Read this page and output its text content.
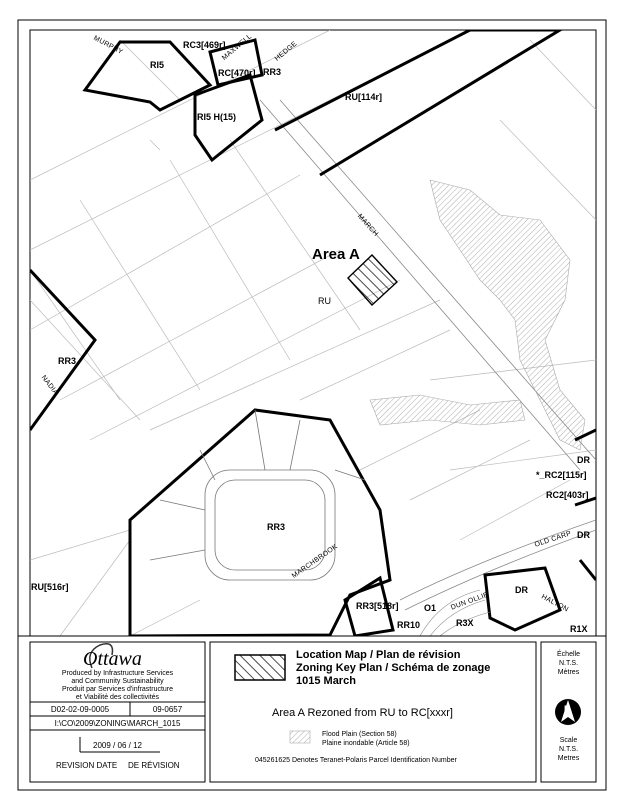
RI5
RC3[469r]
RC[470r] RR3
RU[114r]
RI5 H(15)
RU
RR3
RR3
RU[516r]
RR3[518r]	O1
RR10	R3X
DR
DR
*_RC2[115r]
RC2[403r]
DR
R1X
MURPHY	MAXWELL	HEDGE
MARCH
NADIA
MARCHBROOK
OLD CARP
DUN OLLIE	HALTON
Area A
Ottawa
Produced by Infrastructure Services
and Community Sustainability
Produit par Services d'infrastructure
et Viabilité des collectivités
D02-02-09-0005	09-0657
I:\CO\2009\ZONING\MARCH_1015
2009 / 06 / 12
REVISION DATE DE RÉVISION
Location Map / Plan de révision
Zoning Key Plan / Schéma de zonage
1015 March
Area A Rezoned from RU to RC[xxxr]
Flood Plain (Section 58)
Plaine inondable (Article 58)
045261625 Denotes Teranet-Polaris Parcel Identification Number
Échelle
N.T.S.
Mètres
N
Scale
N.T.S.
Metres
